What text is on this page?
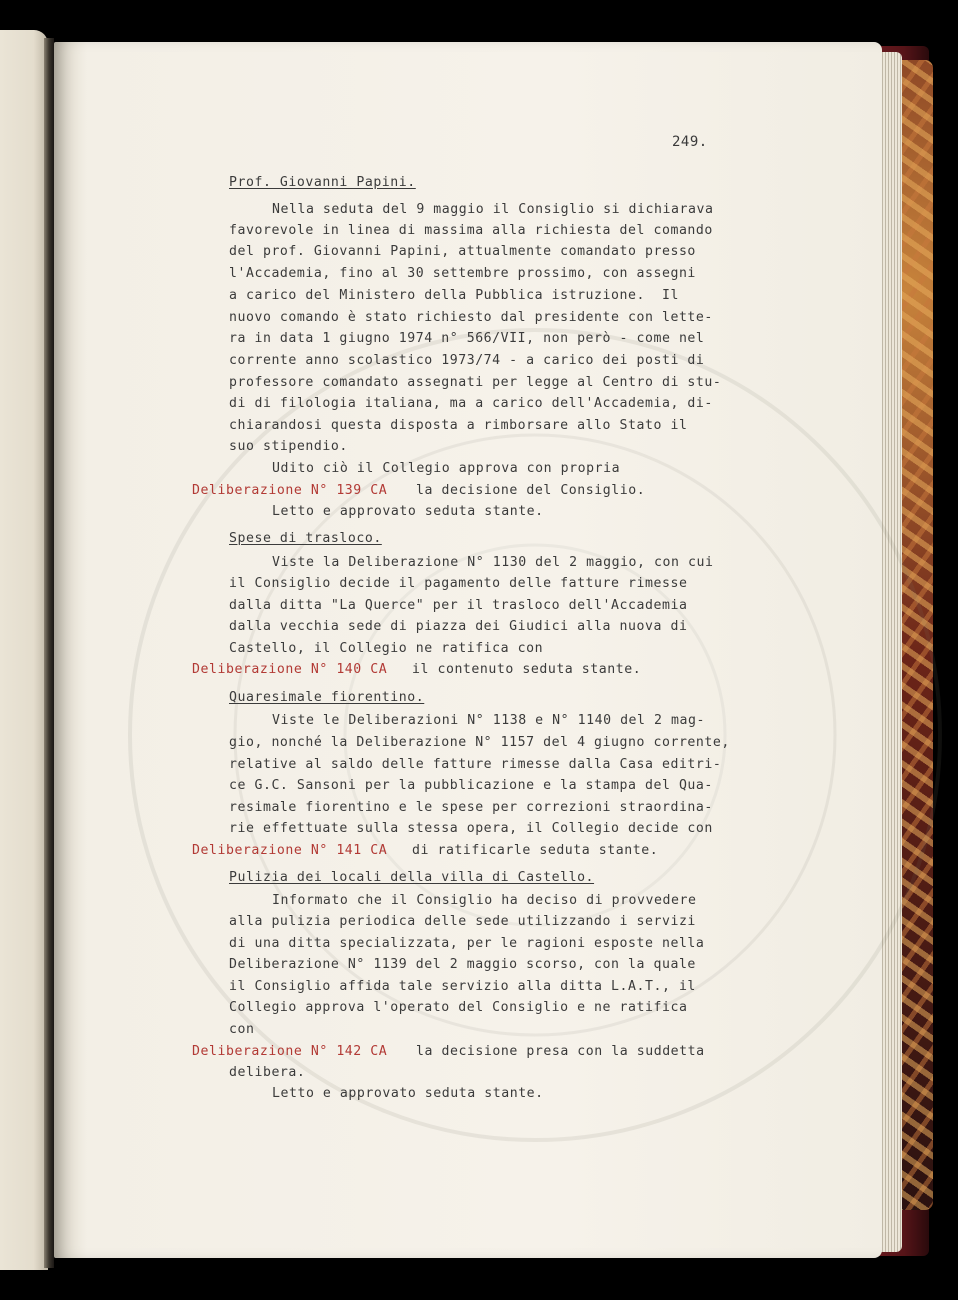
249.
Prof. Giovanni Papini.
Nella seduta del 9 maggio il Consiglio si dichiarava
favorevole in linea di massima alla richiesta del comando
del prof. Giovanni Papini, attualmente comandato presso
l'Accademia, fino al 30 settembre prossimo, con assegni
a carico del Ministero della Pubblica istruzione.  Il
nuovo comando è stato richiesto dal presidente con lette-
ra in data 1 giugno 1974 n° 566/VII, non però - come nel
corrente anno scolastico 1973/74 - a carico dei posti di
professore comandato assegnati per legge al Centro di stu-
di di filologia italiana, ma a carico dell'Accademia, di-
chiarandosi questa disposta a rimborsare allo Stato il
suo stipendio.
Udito ciò il Collegio approva con propria
Deliberazione N° 139 CA la decisione del Consiglio.
Letto e approvato seduta stante.
Spese di trasloco.
Viste la Deliberazione N° 1130 del 2 maggio, con cui
il Consiglio decide il pagamento delle fatture rimesse
dalla ditta "La Querce" per il trasloco dell'Accademia
dalla vecchia sede di piazza dei Giudici alla nuova di
Castello, il Collegio ne ratifica con
Deliberazione N° 140 CA il contenuto seduta stante.
Quaresimale fiorentino.
Viste le Deliberazioni N° 1138 e N° 1140 del 2 mag-
gio, nonché la Deliberazione N° 1157 del 4 giugno corrente,
relative al saldo delle fatture rimesse dalla Casa editri-
ce G.C. Sansoni per la pubblicazione e la stampa del Qua-
resimale fiorentino e le spese per correzioni straordina-
rie effettuate sulla stessa opera, il Collegio decide con
Deliberazione N° 141 CA di ratificarle seduta stante.
Pulizia dei locali della villa di Castello.
Informato che il Consiglio ha deciso di provvedere
alla pulizia periodica delle sede utilizzando i servizi
di una ditta specializzata, per le ragioni esposte nella
Deliberazione N° 1139 del 2 maggio scorso, con la quale
il Consiglio affida tale servizio alla ditta L.A.T., il
Collegio approva l'operato del Consiglio e ne ratifica
con
Deliberazione N° 142 CA la decisione presa con la suddetta
delibera.
Letto e approvato seduta stante.
